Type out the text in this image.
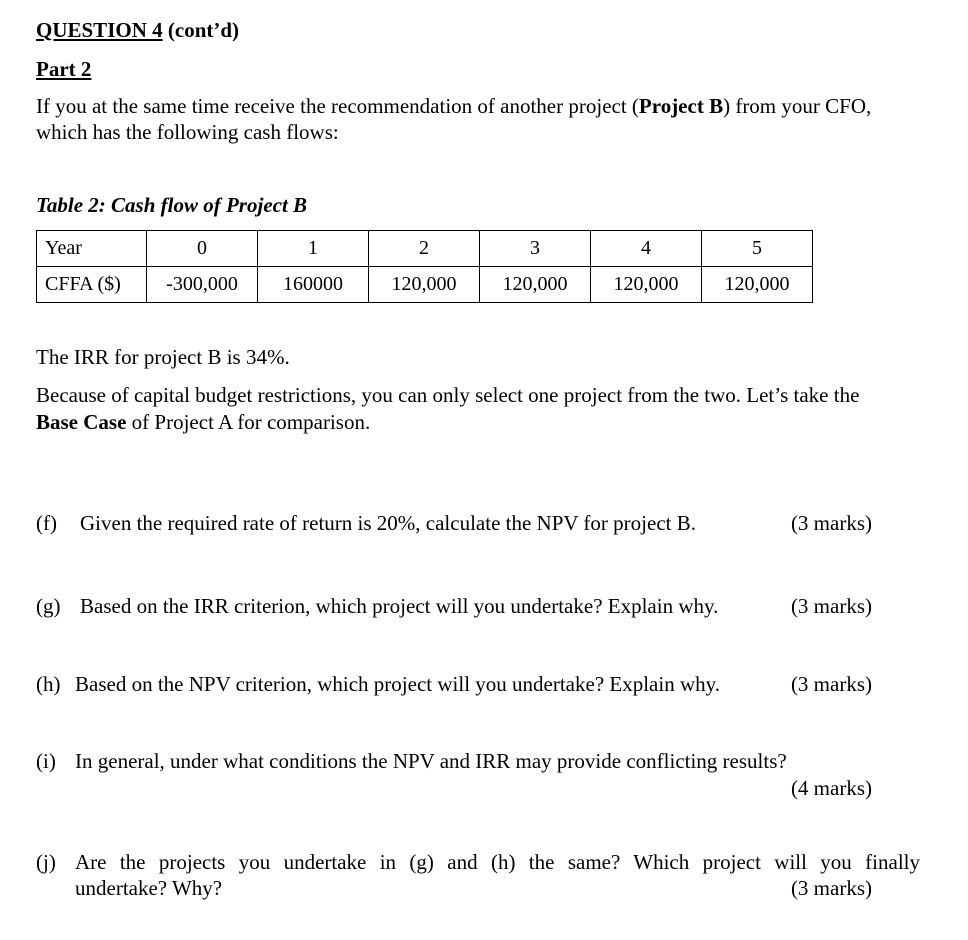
QUESTION 4 (cont’d)
Part 2
If you at the same time receive the recommendation of another project (Project B) from your CFO,
which has the following cash flows:
Table 2: Cash flow of Project B
Year	0	1	2	3	4	5
CFFA ($)	-300,000	160000	120,000	120,000	120,000	120,000
The IRR for project B is 34%.
Because of capital budget restrictions, you can only select one project from the two. Let’s take the
Base Case of Project A for comparison.
(f) Given the required rate of return is 20%, calculate the NPV for project B.	(3 marks)
(g) Based on the IRR criterion, which project will you undertake? Explain why.	(3 marks)
(h) Based on the NPV criterion, which project will you undertake? Explain why.	(3 marks)
(i) In general, under what conditions the NPV and IRR may provide conflicting results?
(4 marks)
(j) Are the projects you undertake in (g) and (h) the same? Which project will you finally
undertake? Why?	(3 marks)
